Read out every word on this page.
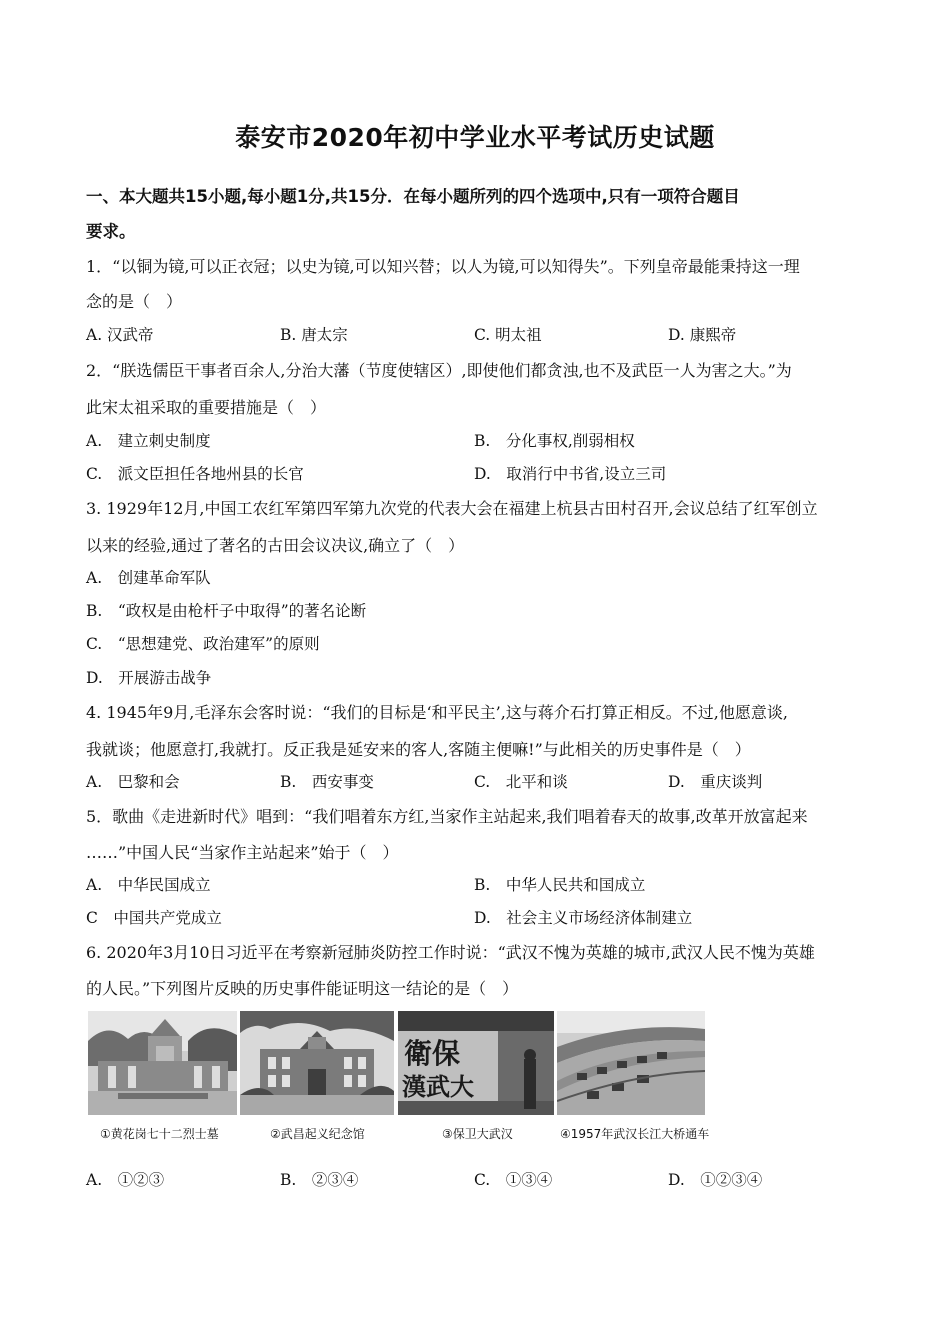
泰安市2020年初中学业水平考试历史试题
一、本大题共15小题,每小题1分,共15分．在每小题所列的四个选项中,只有一项符合题目
要求。
1．“以铜为镜,可以正衣冠；以史为镜,可以知兴替；以人为镜,可以知得失”。下列皇帝最能秉持这一理
念的是（　）
A. 汉武帝	B. 唐太宗	C. 明太祖	D. 康熙帝
2．“朕选儒臣干事者百余人,分治大藩（节度使辖区）,即使他们都贪浊,也不及武臣一人为害之大。”为
此宋太祖采取的重要措施是（　）
A.　建立刺史制度	B.　分化事权,削弱相权
C.　派文臣担任各地州县的长官	D.　取消行中书省,设立三司
3. 1929年12月,中国工农红军第四军第九次党的代表大会在福建上杭县古田村召开,会议总结了红军创立
以来的经验,通过了著名的古田会议决议,确立了（　）
A.　创建革命军队
B.　“政权是由枪杆子中取得”的著名论断
C.　“思想建党、政治建军”的原则
D.　开展游击战争
4. 1945年9月,毛泽东会客时说：“我们的目标是‘和平民主’,这与蒋介石打算正相反。不过,他愿意谈,
我就谈；他愿意打,我就打。反正我是延安来的客人,客随主便嘛!”与此相关的历史事件是（　）
A.　巴黎和会	B.　西安事变	C.　北平和谈	D.　重庆谈判
5．歌曲《走进新时代》唱到：“我们唱着东方红,当家作主站起来,我们唱着春天的故事,改革开放富起来
……”中国人民“当家作主站起来”始于（　）
A.　中华民国成立	B.　中华人民共和国成立
C　中国共产党成立	D.　社会主义市场经济体制建立
6. 2020年3月10日习近平在考察新冠肺炎防控工作时说：“武汉不愧为英雄的城市,武汉人民不愧为英雄
的人民。”下列图片反映的历史事件能证明这一结论的是（　）
衛保
漢武大
①黄花岗七十二烈士墓	②武昌起义纪念馆	③保卫大武汉	④1957年武汉长江大桥通车
A.　①②③	B.　②③④	C.　①③④	D.　①②③④
